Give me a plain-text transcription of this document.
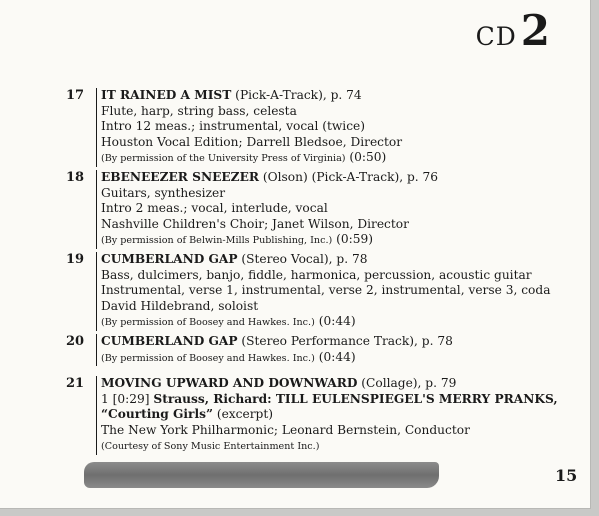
CD 2
17	IT RAINED A MIST (Pick-A-Track), p. 74
Flute, harp, string bass, celesta
Intro 12 meas.; instrumental, vocal (twice)
Houston Vocal Edition; Darrell Bledsoe, Director
(By permission of the University Press of Virginia) (0:50)
18	EBENEEZER SNEEZER (Olson) (Pick-A-Track), p. 76
Guitars, synthesizer
Intro 2 meas.; vocal, interlude, vocal
Nashville Children's Choir; Janet Wilson, Director
(By permission of Belwin-Mills Publishing, Inc.) (0:59)
19	CUMBERLAND GAP (Stereo Vocal), p. 78
Bass, dulcimers, banjo, fiddle, harmonica, percussion, acoustic guitar
Instrumental, verse 1, instrumental, verse 2, instrumental, verse 3, coda
David Hildebrand, soloist
(By permission of Boosey and Hawkes. Inc.) (0:44)
20	CUMBERLAND GAP (Stereo Performance Track), p. 78
(By permission of Boosey and Hawkes. Inc.) (0:44)
21	MOVING UPWARD AND DOWNWARD (Collage), p. 79
1 [0:29] Strauss, Richard: TILL EULENSPIEGEL'S MERRY PRANKS,
“Courting Girls” (excerpt)
The New York Philharmonic; Leonard Bernstein, Conductor
(Courtesy of Sony Music Entertainment Inc.)
15
